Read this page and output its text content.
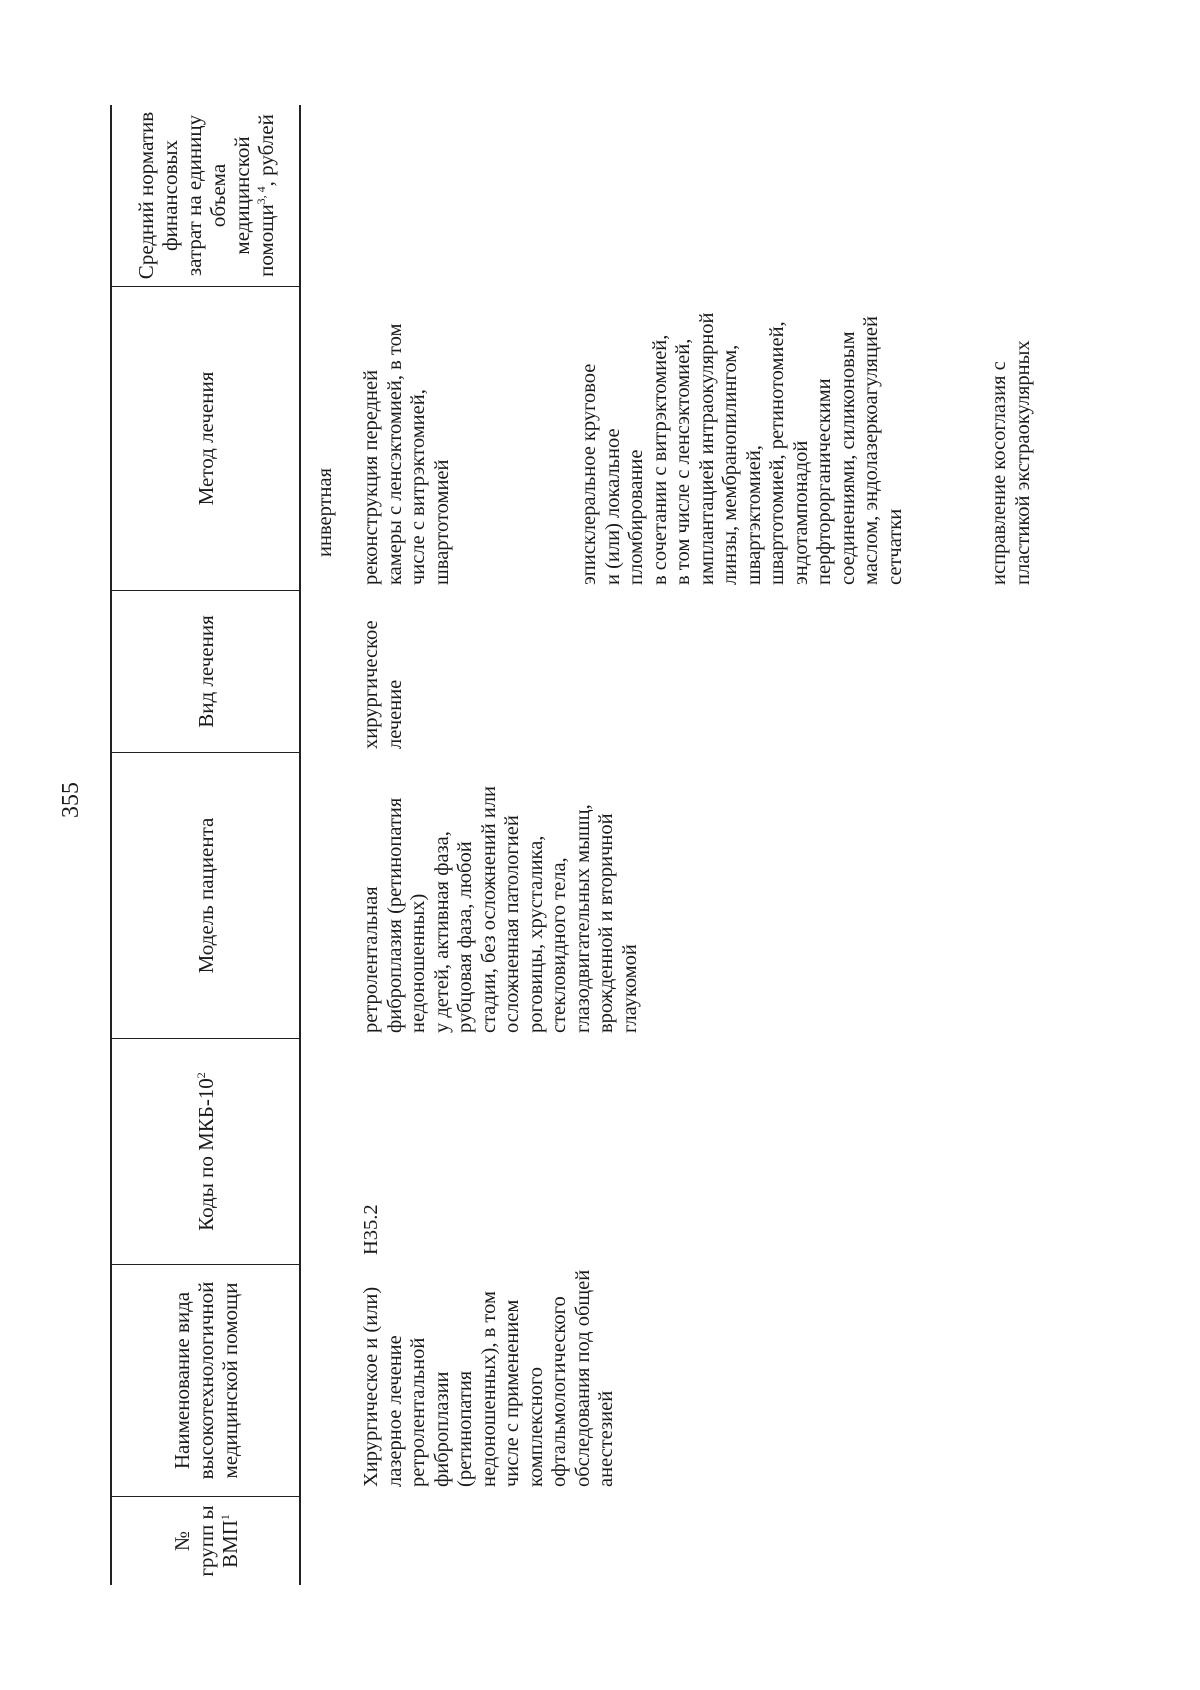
355
№ групп ы ВМП$^1$
Наименование вида высокотехнологичной медицинской помощи
Коды по МКБ-$10^2$
Модель пациента
Вид лечения
Метод лечения
Средний норматив финансовых затрат на единицу объема медицинской помощи$^{3, 4}$, рублей
инвертная
Хирургическое и (или)
лазерное лечение
ретролентальной
фиброплазии (ретинопатия
недоношенных), в том
числе с применением
комплексного
офтальмологического
обследования под общей
анестезией
H35.2
ретролентальная
фиброплазия (ретинопатия
недоношенных)
у детей, активная фаза,
рубцовая фаза, любой
стадии, без осложнений или
осложненная патологией
роговицы, хрусталика,
стекловидного тела,
глазодвигательных мышц,
врожденной и вторичной
глаукомой
хирургическое
лечение
реконструкция передней
камеры с ленсэктомией, в том
числе с витрэктомией,
швартотомией	эписклеральное круговое
и (или) локальное
пломбирование
в сочетании с витрэктомией,
в том числе с ленсэктомией,
имплантацией интраокулярной
линзы, мембранопилингом,
швартэктомией,
швартотомией, ретинотомией,
эндотампонадой
перфторорганическими
соединениями, силиконовым
маслом, эндолазеркоагуляцией
сетчатки	исправление косоглазия с
пластикой экстраокулярных
